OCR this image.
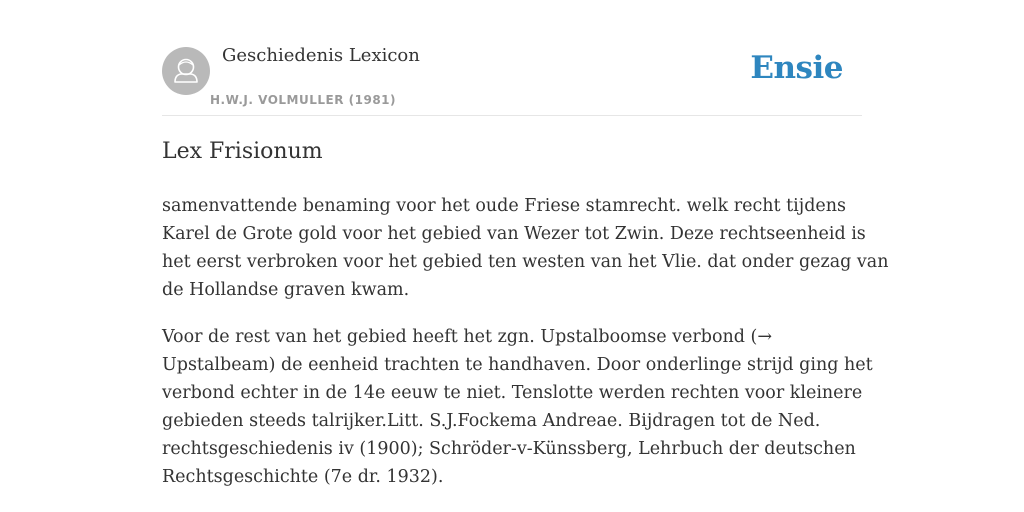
Geschiedenis Lexicon
H.W.J. VOLMULLER (1981)
Ensie
Lex Frisionum

samenvattende benaming voor het oude Friese stamrecht. welk recht tijdens
Karel de Grote gold voor het gebied van Wezer tot Zwin. Deze rechtseenheid is
het eerst verbroken voor het gebied ten westen van het Vlie. dat onder gezag van
de Hollandse graven kwam.

Voor de rest van het gebied heeft het zgn. Upstalboomse verbond (→
Upstalbeam) de eenheid trachten te handhaven. Door onderlinge strijd ging het
verbond echter in de 14e eeuw te niet. Tenslotte werden rechten voor kleinere
gebieden steeds talrijker.Litt. S.J.Fockema Andreae. Bijdragen tot de Ned.
rechtsgeschiedenis iv (1900); Schröder-v-Künssberg, Lehrbuch der deutschen
Rechtsgeschichte (7e dr. 1932).
